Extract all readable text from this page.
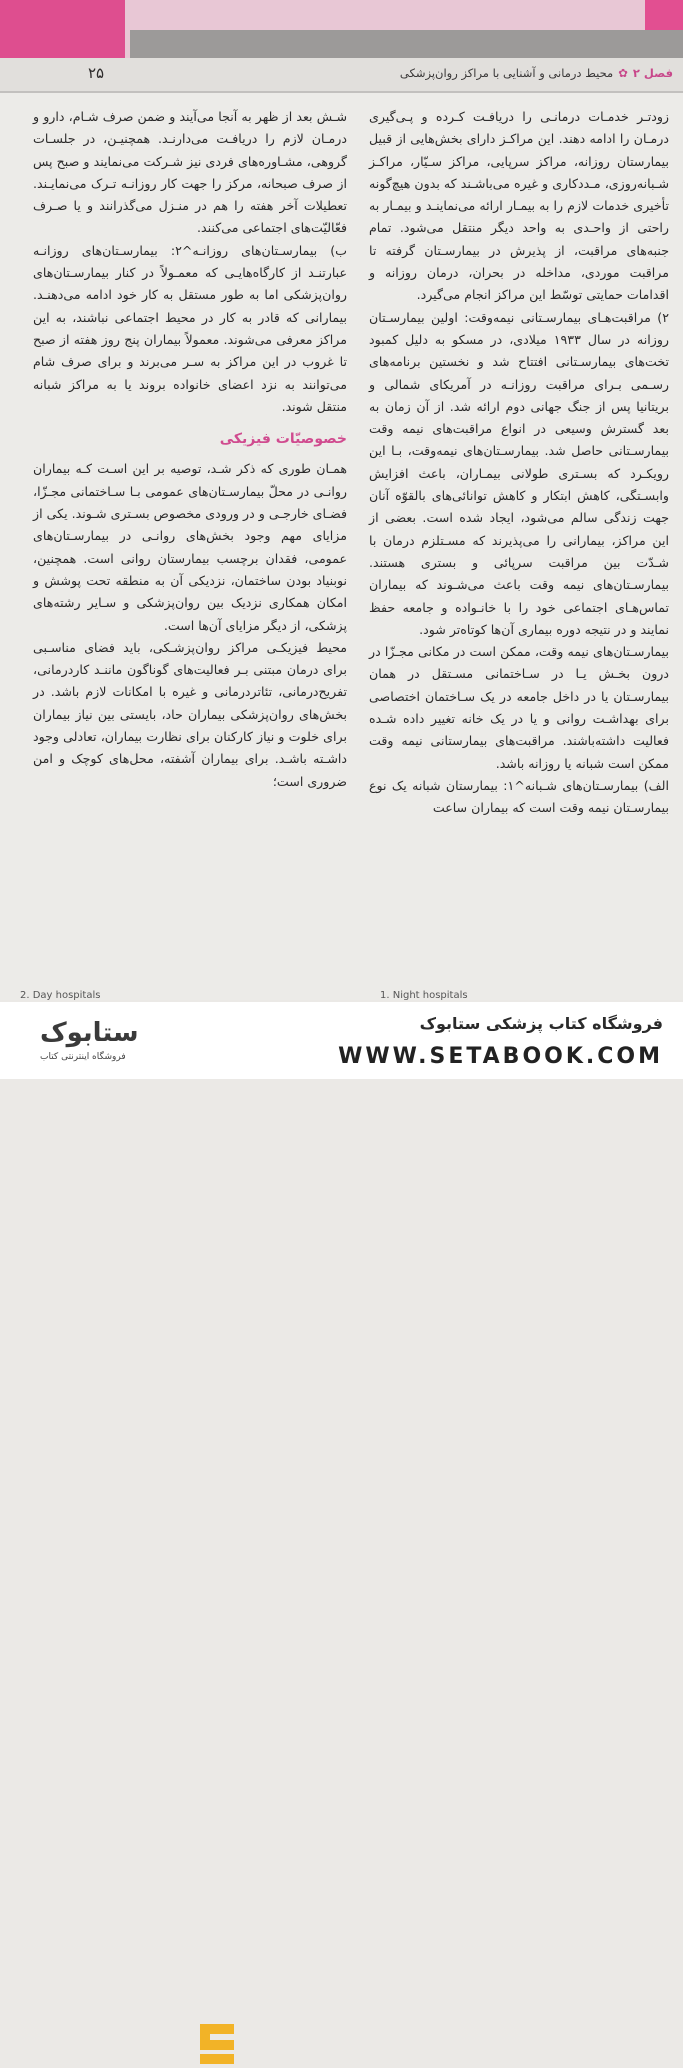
۲۵	فصل ۲✿محیط درمانی و آشنایی با مراکز روان‌پزشکی

زودتـر خدمـات درمانـی را دریافـت کـرده و پـی‌گیری درمـان را ادامه دهند. این مراکـز دارای بخش‌هایی از قبیل بیمارستان روزانه، مراکز سرپایی، مراکز سـیّار، مراکـز شـبانه‌روزی، مـددکاری و غیره می‌باشـند که بدون هیچ‌گونه تأخیری خدمات لازم را به بیمـار ارائه می‌نماینـد و بیمـار به راحتی از واحـدی به واحد دیگر منتقل می‌شود. تمام جنبه‌های مراقبت، از پذیرش در بیمارسـتان گرفته تا مراقبت موردی، مداخله در بحران، درمان روزانه و اقدامات حمایتی توسّط این مراکز انجام می‌گیرد.

۲) مراقبت‌هـای بیمارسـتانی نیمه‌وقت: اولین بیمارسـتان روزانه در سال ۱۹۳۳ میلادی، در مسکو به دلیل کمبود تخت‌های بیمارسـتانی افتتاح شد و نخستین برنامه‌های رسـمی بـرای مراقبت روزانـه در آمریکای شمالی و بریتانیا پس از جنگ جهانی دوم ارائه شد. از آن زمان به بعد گسترش وسیعی در انواع مراقبت‌های نیمه وقت بیمارسـتانی حاصل شد. بیمارسـتان‌های نیمه‌وقت، بـا این رویکـرد که بسـتری طولانی بیمـاران، باعث افزایش وابسـتگی، کاهش ابتکار و کاهش توانائی‌های بالقوّه آنان جهت زندگی سالم می‌شود، ایجاد شده است. بعضی از این مراکز، بیمارانی را می‌پذیرند که مسـتلزم درمان با شـدّت بین مراقبت سرپائی و بستری هستند. بیمارسـتان‌های نیمه وقت باعث می‌شـوند که بیماران تماس‌هـای اجتماعی خود را با خانـواده و جامعه حفظ نمایند و در نتیجه دوره بیماری آن‌ها کوتاه‌تر شود.

بیمارسـتان‌های نیمه وقت، ممکن است در مکانی مجـزّا در درون بخـش یـا در سـاختمانی مسـتقل در همان بیمارسـتان یا در داخل جامعه در یک سـاختمان اختصاصی برای بهداشـت روانی و یا در یک خانه تغییر داده شـده فعالیت داشته‌باشند. مراقبت‌های بیمارستانی نیمه وقت ممکن است شبانه یا روزانه باشد.

الف) بیمارسـتان‌های شـبانه^۱: بیمارستان شبانه یک نوع بیمارسـتان نیمه وقت است که بیماران ساعت

شـش بعد از ظهر به آنجا می‌آیند و ضمن صرف شـام، دارو و درمـان لازم را دریافـت می‌دارنـد. همچنیـن، در جلسـات گروهی، مشـاوره‌های فردی نیز شـرکت می‌نمایند و صبح پس از صرف صبحانه، مرکز را جهت کار روزانـه تـرک می‌نمایـند. تعطیلات آخر هفته را هم در منـزل می‌گذرانند و یا صـرف فعّالیّت‌های اجتماعی می‌کنند.

ب) بیمارسـتان‌های روزانـه^۲: بیمارسـتان‌های روزانـه عبارتنـد از کارگاه‌هایـی که معمـولاً در کنار بیمارسـتان‌های روان‌پزشکی اما به طور مستقل به کار خود ادامه می‌دهنـد. بیمارانی که قادر به کار در محیط اجتماعی نباشند، به این مراکز معرفی می‌شوند. معمولاً بیماران پنج روز هفته از صبح تا غروب در این مراکز به سـر می‌برند و برای صرف شام می‌توانند به نزد اعضای خانواده بروند یا به مراکز شبانه منتقل شوند.

خصوصیّات فیزیکی

همـان طوری که ذکر شـد، توصیه بر این اسـت کـه بیماران روانـی در محلّ بیمارسـتان‌های عمومی بـا سـاختمانی مجـزّا، فضـای خارجـی و در ورودی مخصوص بسـتری شـوند. یکی از مزایای مهم وجود بخش‌های روانـی در بیمارسـتان‌های عمومی، فقدان برچسب بیمارستان روانی است. همچنین، نوبنیاد بودن ساختمان، نزدیکی آن به منطقه تحت پوشش و امکان همکاری نزدیک بین روان‌پزشکی و سـایر رشته‌های پزشکی، از دیگر مزایای آن‌ها است.

محیط فیزیکـی مراکز روان‌پزشـکی، باید فضای مناسـبی برای درمان مبتنی بـر فعالیت‌های گوناگون ماننـد کاردرمانی، تفریح‌درمانی، تئاتردرمانی و غیره با امکانات لازم باشد. در بخش‌های روان‌پزشکی بیماران حاد، بایستی بین نیاز بیماران برای خلوت و نیاز کارکنان برای نظارت بیماران، تعادلی وجود داشـته باشـد. برای بیماران آشفته، محل‌های کوچک و امن ضروری است؛

2. Day hospitals	1. Night hospitals
فروشگاه کتاب پزشکی ستابوک
WWW.SETABOOK.COM
ستابوک
فروشگاه اینترنتی کتاب
